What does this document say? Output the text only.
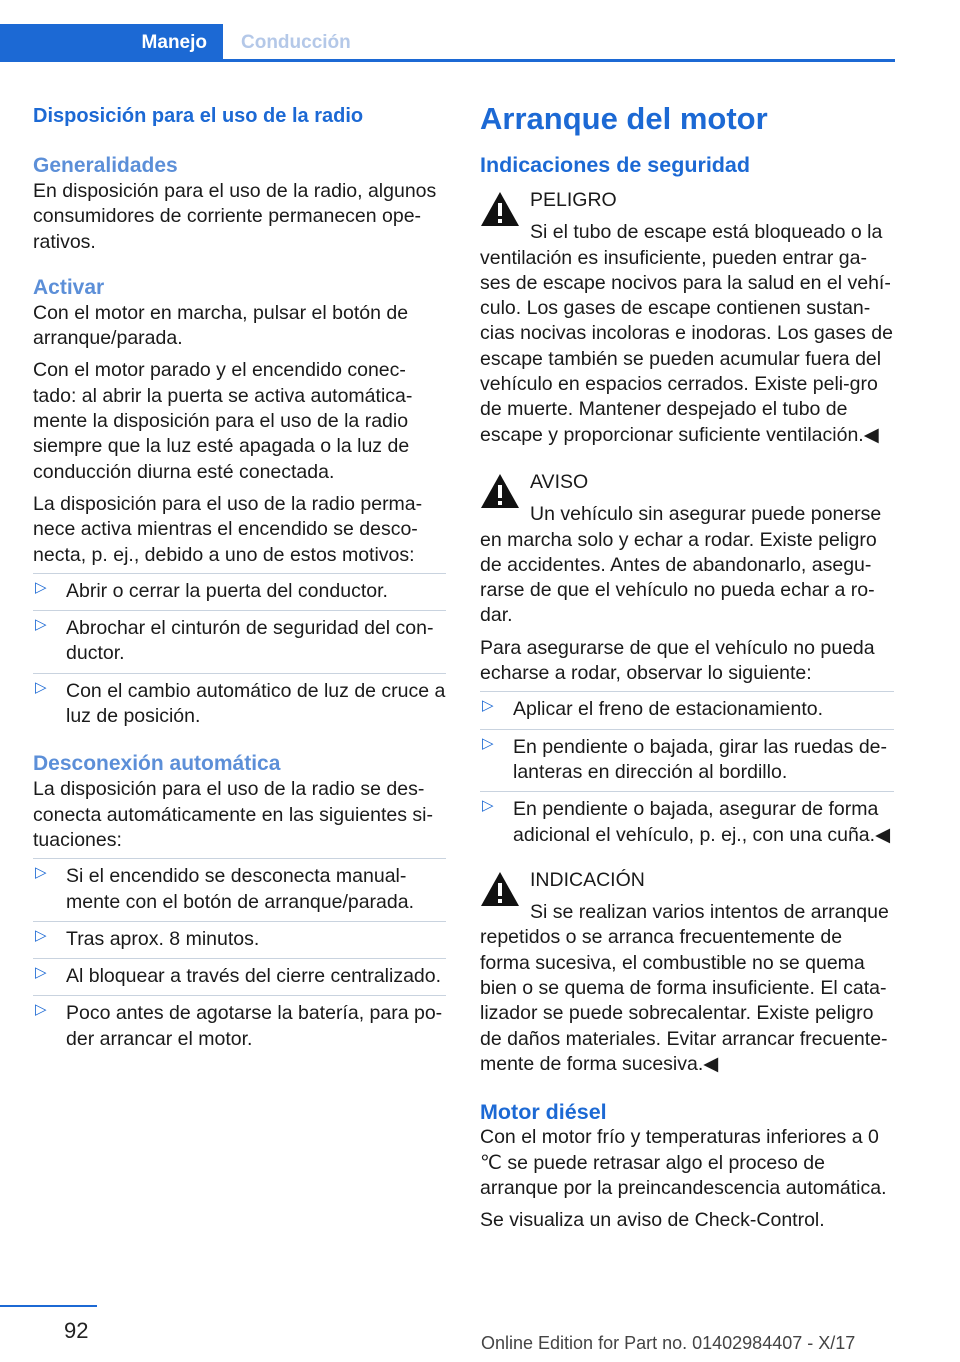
Manejo	Conducción
Disposición para el uso de la radio
Generalidades

En disposición para el uso de la radio, algunos consumidores de corriente permanecen ope‐rativos.

Activar

Con el motor en marcha, pulsar el botón de arranque/parada.

Con el motor parado y el encendido conec‐tado: al abrir la puerta se activa automática‐mente la disposición para el uso de la radio siempre que la luz esté apagada o la luz de conducción diurna esté conectada.

La disposición para el uso de la radio perma‐nece activa mientras el encendido se desco‐necta, p. ej., debido a uno de estos motivos:

▷ Abrir o cerrar la puerta del conductor.
▷ Abrochar el cinturón de seguridad del con‐ductor.
▷ Con el cambio automático de luz de cruce a luz de posición.
Desconexión automática

La disposición para el uso de la radio se des‐conecta automáticamente en las siguientes si‐tuaciones:

▷ Si el encendido se desconecta manual‐mente con el botón de arranque/parada.
▷ Tras aprox. 8 minutos.
▷ Al bloquear a través del cierre centralizado.
▷ Poco antes de agotarse la batería, para po‐der arrancar el motor.
Arranque del motor
Indicaciones de seguridad

PELIGRO

Si el tubo de escape está bloqueado o la

ventilación es insuficiente, pueden entrar ga‐ses de escape nocivos para la salud en el vehí‐culo. Los gases de escape contienen sustan‐cias nocivas incoloras e inodoras. Los gases de escape también se pueden acumular fuera del vehículo en espacios cerrados. Existe peli‐gro de muerte. Mantener despejado el tubo de escape y proporcionar suficiente ventilación.◀

AVISO

Un vehículo sin asegurar puede ponerse

en marcha solo y echar a rodar. Existe peligro de accidentes. Antes de abandonarlo, asegu‐rarse de que el vehículo no pueda echar a ro‐dar.

Para asegurarse de que el vehículo no pueda echarse a rodar, observar lo siguiente:

▷ Aplicar el freno de estacionamiento.
▷ En pendiente o bajada, girar las ruedas de‐lanteras en dirección al bordillo.
▷ En pendiente o bajada, asegurar de forma adicional el vehículo, p. ej., con una cuña.◀

INDICACIÓN

Si se realizan varios intentos de arranque

repetidos o se arranca frecuentemente de forma sucesiva, el combustible no se quema bien o se quema de forma insuficiente. El cata‐lizador se puede sobrecalentar. Existe peligro de daños materiales. Evitar arrancar frecuente‐mente de forma sucesiva.◀

Motor diésel

Con el motor frío y temperaturas inferiores a 0 ℃ se puede retrasar algo el proceso de arranque por la preincandescencia automática.

Se visualiza un aviso de Check-Control.

92	Online Edition for Part no. 01402984407 - X/17
